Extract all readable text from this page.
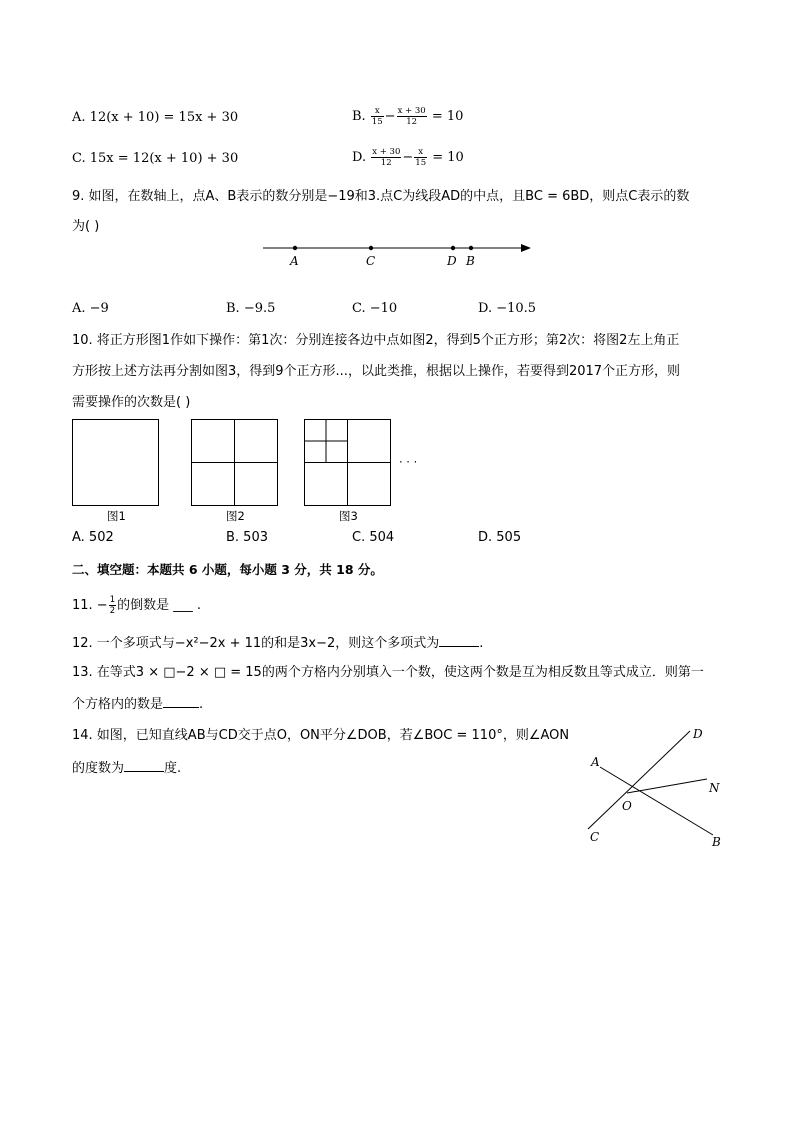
A. 12(x + 10) = 15x + 30	B. $\frac{x}{15} - \frac{x + 30}{12} = 10$
C. 15x = 12(x + 10) + 30	D. $\frac{x + 30}{12} - \frac{x}{15} = 10$
9. 如图，在数轴上，点A、B表示的数分别是−19和3.点C为线段AD的中点，且BC = 6BD，则点C表示的数
为( )
A	C	D B
A. −9	B. −9.5	C. −10	D. −10.5
10. 将正方形图1作如下操作：第1次：分别连接各边中点如图2，得到5个正方形；第2次：将图2左上角正
方形按上述方法再分割如图3，得到9个正方形...，以此类推，根据以上操作，若要得到2017个正方形，则
需要操作的次数是( )
· · ·
图1	图2	图3
A. 502	B. 503	C. 504	D. 505
二、填空题：本题共 6 小题，每小题 3 分，共 18 分。
11. − $\frac{1}{2}$ 的倒数是 ___ .
12. 一个多项式与−x²−2x + 11的和是3x−2，则这个多项式为	.
13. 在等式3 × □−2 × □ = 15的两个方格内分别填入一个数，使这两个数是互为相反数且等式成立．则第一
个方格内的数是	.
14. 如图，已知直线AB与CD交于点O，ON平分∠DOB，若∠BOC = 110°，则∠AON
的度数为	度.	A
B
C
D
N
O
